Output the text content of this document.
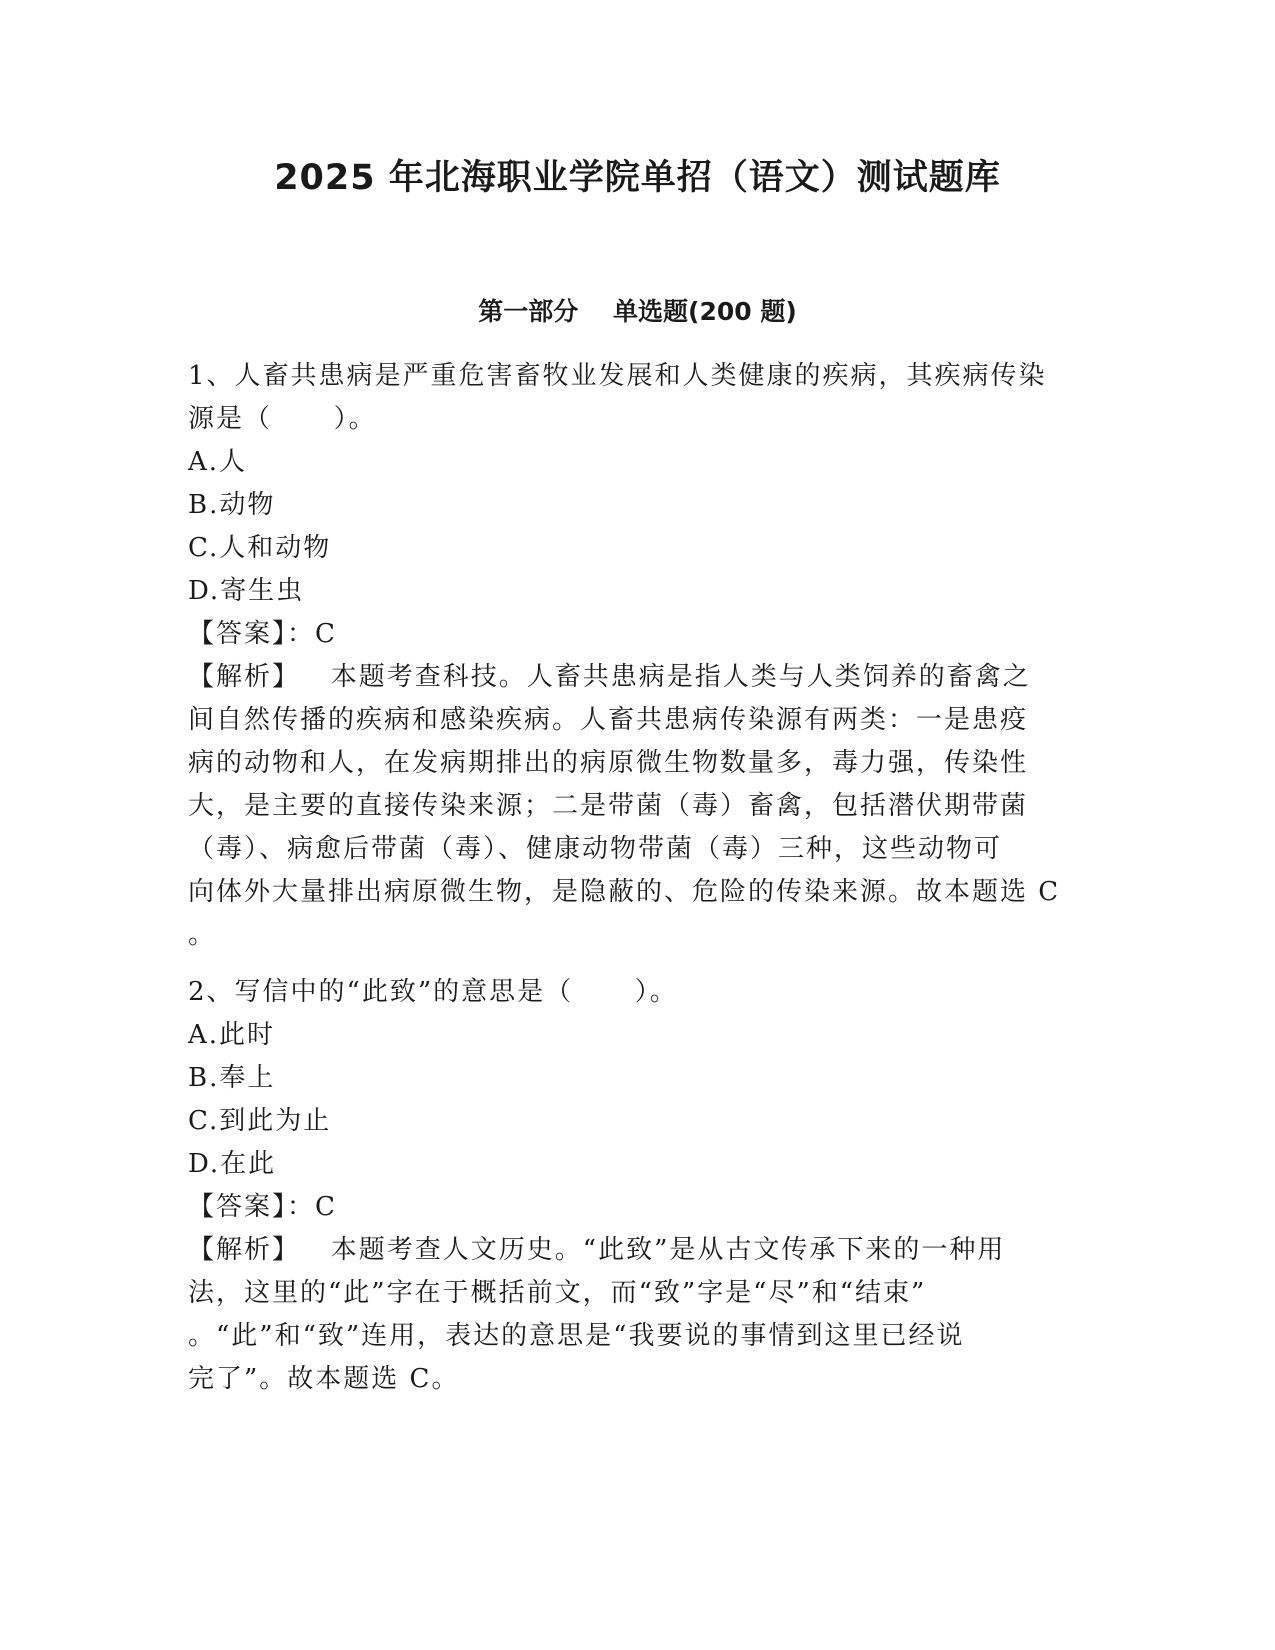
2025 年北海职业学院单招（语文）测试题库
第一部分    单选题(200 题)
1、人畜共患病是严重危害畜牧业发展和人类健康的疾病，其疾病传染
源是（      ）。
A.人
B.动物
C.人和动物
D.寄生虫
【答案】：C
【解析】   本题考查科技。人畜共患病是指人类与人类饲养的畜禽之
间自然传播的疾病和感染疾病。人畜共患病传染源有两类：一是患疫
病的动物和人，在发病期排出的病原微生物数量多，毒力强，传染性
大，是主要的直接传染来源；二是带菌（毒）畜禽，包括潜伏期带菌
（毒）、病愈后带菌（毒）、健康动物带菌（毒）三种，这些动物可
向体外大量排出病原微生物，是隐蔽的、危险的传染来源。故本题选 C
。
2、写信中的“此致”的意思是（      ）。
A.此时
B.奉上
C.到此为止
D.在此
【答案】：C
【解析】   本题考查人文历史。“此致”是从古文传承下来的一种用
法，这里的“此”字在于概括前文，而“致”字是“尽”和“结束”
。“此”和“致”连用，表达的意思是“我要说的事情到这里已经说
完了”。故本题选 C。
